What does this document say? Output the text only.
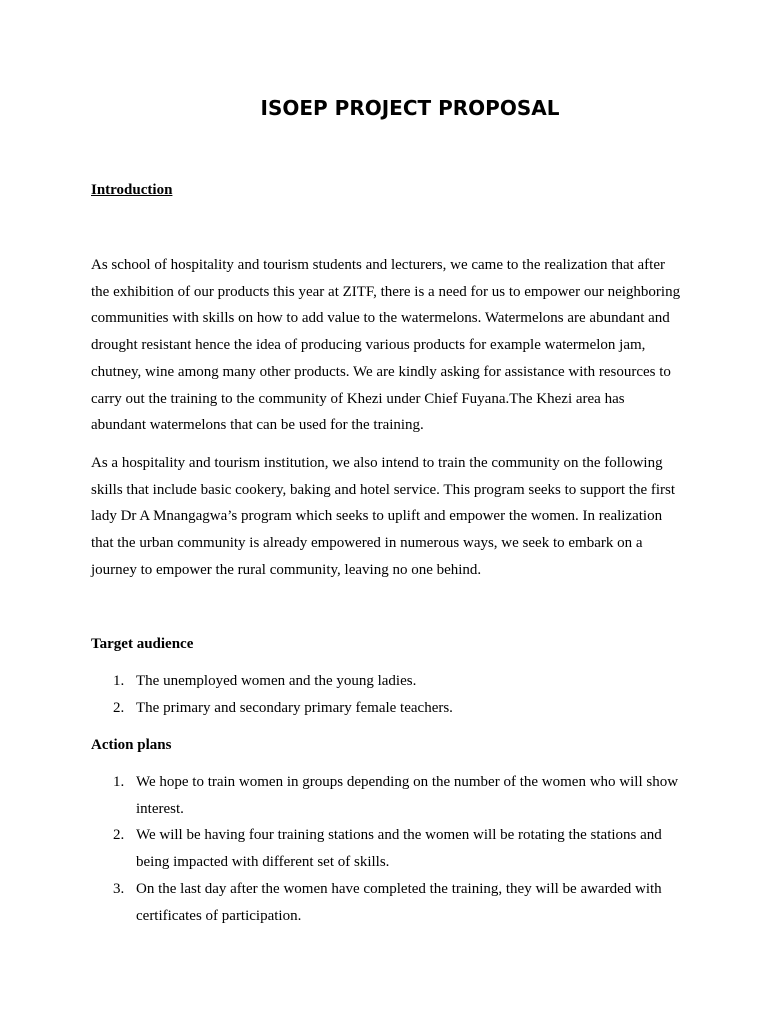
ISOEP PROJECT PROPOSAL
Introduction

As school of hospitality and tourism students and lecturers, we came to the realization that after the exhibition of our products this year at ZITF, there is a need for us to empower our neighboring communities with skills on how to add value to the watermelons. Watermelons are abundant and drought resistant hence the idea of producing various products for example watermelon jam, chutney, wine among many other products. We are kindly asking for assistance with resources to carry out the training to the community of Khezi under Chief Fuyana.The Khezi area has abundant watermelons that can be used for the training.

As a hospitality and tourism institution, we also intend to train the community on the following skills that include basic cookery, baking and hotel service. This program seeks to support the first lady Dr A Mnangagwa’s program which seeks to uplift and empower the women. In realization that the urban community is already empowered in numerous ways, we seek to embark on a journey to empower the rural community, leaving no one behind.

Target audience
1. The unemployed women and the young ladies.
2. The primary and secondary primary female teachers.
Action plans
1. We hope to train women in groups depending on the number of the women who will show interest.
2. We will be having four training stations and the women will be rotating the stations and being impacted with different set of skills.
3. On the last day after the women have completed the training, they will be awarded with certificates of participation.
